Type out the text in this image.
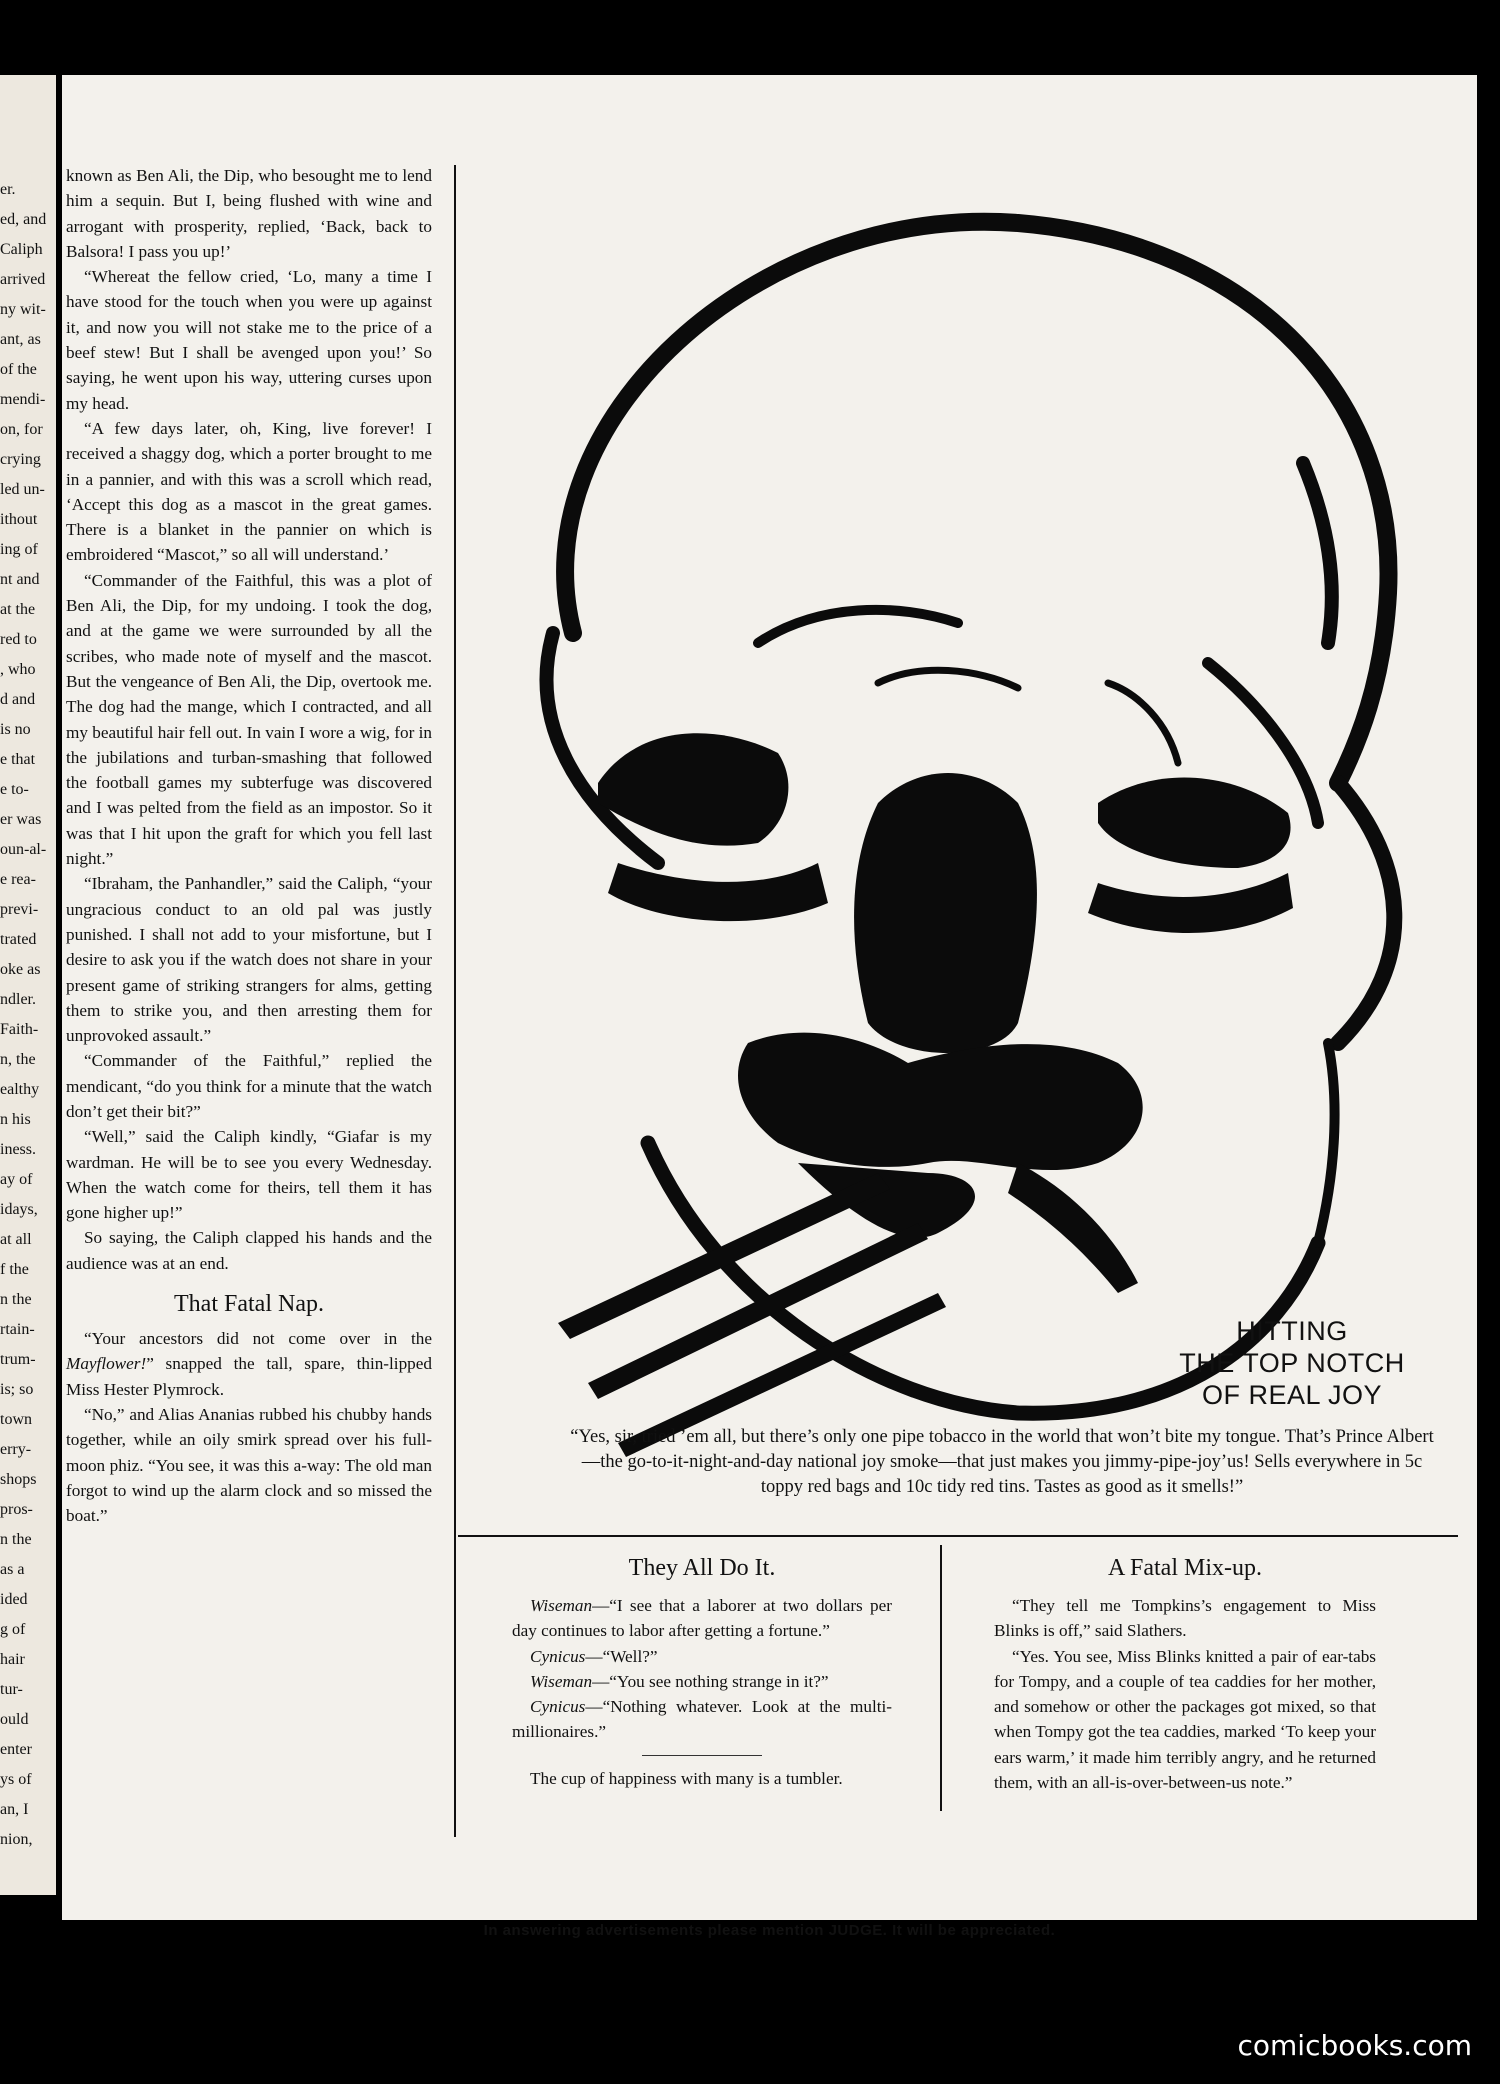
er.
ed, and
Caliph
arrived
ny wit-
ant, as
of the
mendi-
on, for
crying
led un-
ithout
ing of
nt and
at the
red to
, who
d and
is no
e that
e to-
er was
oun-al-
e rea-
previ-
trated
oke as
ndler.
Faith-
n, the
ealthy
n his
iness.
ay of
idays,
at all
f the
n the
rtain-
trum-
is; so
town
erry-
shops
pros-
n the
as a
ided
g of
hair
tur-
ould
enter
ys of
an, I
nion,

known as Ben Ali, the Dip, who besought me to lend him a sequin. But I, being flushed with wine and arrogant with prosperity, replied, ‘Back, back to Balsora! I pass you up!’

“Whereat the fellow cried, ‘Lo, many a time I have stood for the touch when you were up against it, and now you will not stake me to the price of a beef stew! But I shall be avenged upon you!’ So saying, he went upon his way, uttering curses upon my head.

“A few days later, oh, King, live forever! I received a shaggy dog, which a porter brought to me in a pannier, and with this was a scroll which read, ‘Accept this dog as a mascot in the great games. There is a blanket in the pannier on which is embroidered “Mascot,” so all will understand.’

“Commander of the Faithful, this was a plot of Ben Ali, the Dip, for my undoing. I took the dog, and at the game we were surrounded by all the scribes, who made note of myself and the mascot. But the vengeance of Ben Ali, the Dip, overtook me. The dog had the mange, which I contracted, and all my beautiful hair fell out. In vain I wore a wig, for in the jubilations and turban-smashing that followed the football games my subterfuge was discovered and I was pelted from the field as an impostor. So it was that I hit upon the graft for which you fell last night.”

“Ibraham, the Panhandler,” said the Caliph, “your ungracious conduct to an old pal was justly punished. I shall not add to your misfortune, but I desire to ask you if the watch does not share in your present game of striking strangers for alms, getting them to strike you, and then arresting them for unprovoked assault.”

“Commander of the Faithful,” replied the mendicant, “do you think for a minute that the watch don’t get their bit?”

“Well,” said the Caliph kindly, “Giafar is my wardman. He will be to see you every Wednesday. When the watch come for theirs, tell them it has gone higher up!”

So saying, the Caliph clapped his hands and the audience was at an end.

That Fatal Nap.

“Your ancestors did not come over in the Mayflower!” snapped the tall, spare, thin-lipped Miss Hester Plymrock.

“No,” and Alias Ananias rubbed his chubby hands together, while an oily smirk spread over his full-moon phiz. “You see, it was this a-way: The old man forgot to wind up the alarm clock and so missed the boat.”

HITTING
THE TOP NOTCH
OF REAL JOY
“Yes, sir, tried ’em all, but there’s only one pipe tobacco in the world that won’t bite my tongue. That’s Prince Albert—the go-to-it-night-and-day national joy smoke—that just makes you jimmy-pipe-joy’us! Sells everywhere in 5c toppy red bags and 10c tidy red tins. Tastes as good as it smells!”
They All Do It.

Wiseman—“I see that a laborer at two dollars per day continues to labor after getting a fortune.”

Cynicus—“Well?”

Wiseman—“You see nothing strange in it?”

Cynicus—“Nothing whatever. Look at the multi-millionaires.”

The cup of happiness with many is a tumbler.

A Fatal Mix-up.

“They tell me Tompkins’s engagement to Miss Blinks is off,” said Slathers.

“Yes. You see, Miss Blinks knitted a pair of ear-tabs for Tompy, and a couple of tea caddies for her mother, and somehow or other the packages got mixed, so that when Tompy got the tea caddies, marked ‘To keep your ears warm,’ it made him terribly angry, and he returned them, with an all-is-over-between-us note.”

In answering advertisements please mention JUDGE. It will be appreciated.
comicbooks.com
